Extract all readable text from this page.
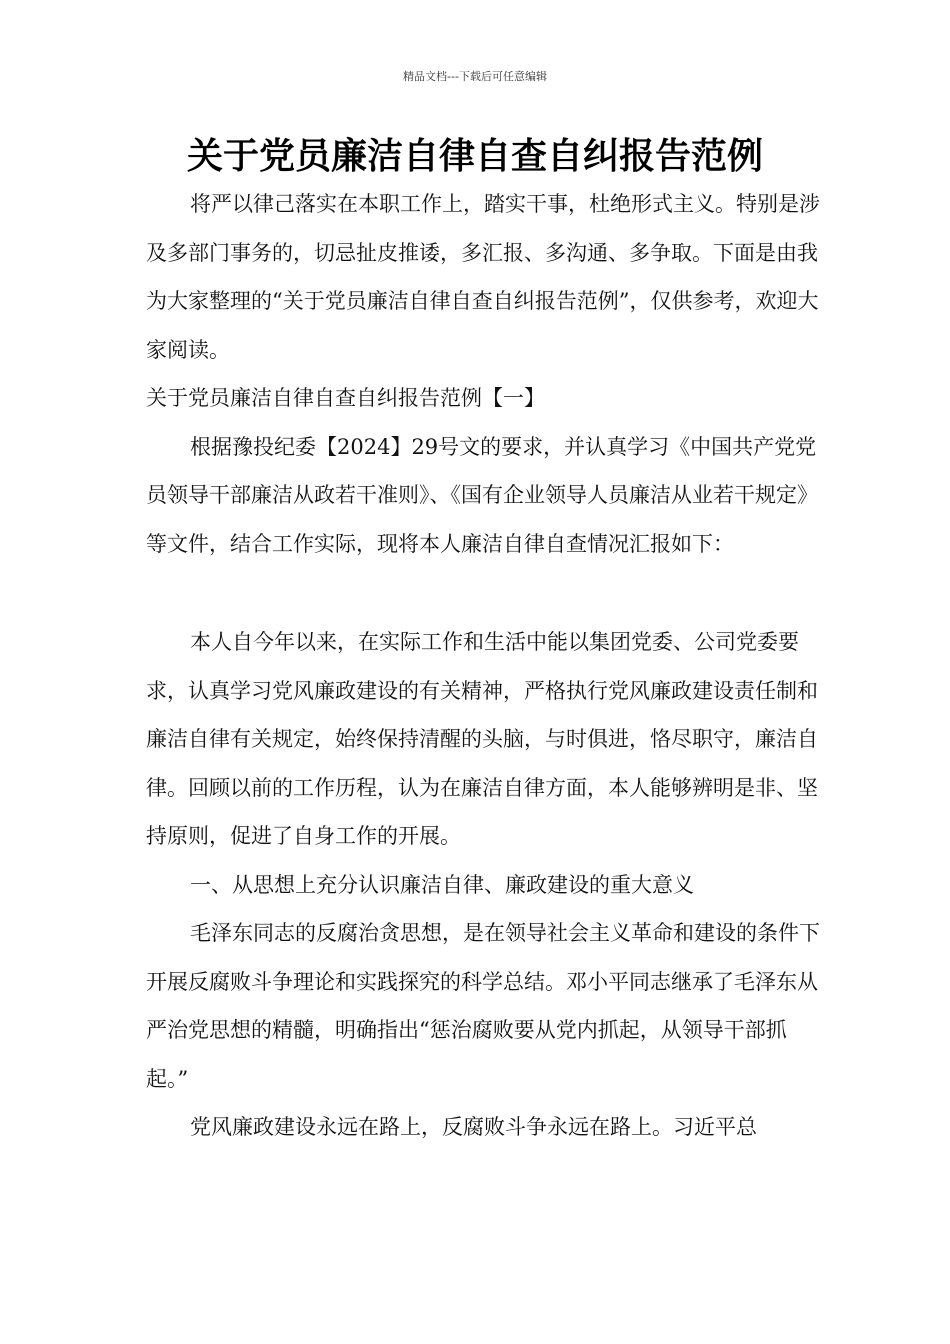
精品文档---下载后可任意编辑
关于党员廉洁自律自查自纠报告范例

将严以律己落实在本职工作上，踏实干事，杜绝形式主义。特别是涉及多部门事务的，切忌扯皮推诿，多汇报、多沟通、多争取。下面是由我为大家整理的“关于党员廉洁自律自查自纠报告范例”，仅供参考，欢迎大家阅读。

关于党员廉洁自律自查自纠报告范例【一】

根据豫投纪委【2024】29号文的要求，并认真学习《中国共产党党员领导干部廉洁从政若干准则》、《国有企业领导人员廉洁从业若干规定》等文件，结合工作实际，现将本人廉洁自律自查情况汇报如下：

本人自今年以来，在实际工作和生活中能以集团党委、公司党委要求，认真学习党风廉政建设的有关精神，严格执行党风廉政建设责任制和廉洁自律有关规定，始终保持清醒的头脑，与时俱进，恪尽职守，廉洁自律。回顾以前的工作历程，认为在廉洁自律方面，本人能够辨明是非、坚持原则，促进了自身工作的开展。

一、从思想上充分认识廉洁自律、廉政建设的重大意义

毛泽东同志的反腐治贪思想，是在领导社会主义革命和建设的条件下开展反腐败斗争理论和实践探究的科学总结。邓小平同志继承了毛泽东从严治党思想的精髓，明确指出“惩治腐败要从党内抓起，从领导干部抓起。”

党风廉政建设永远在路上，反腐败斗争永远在路上。习近平总
